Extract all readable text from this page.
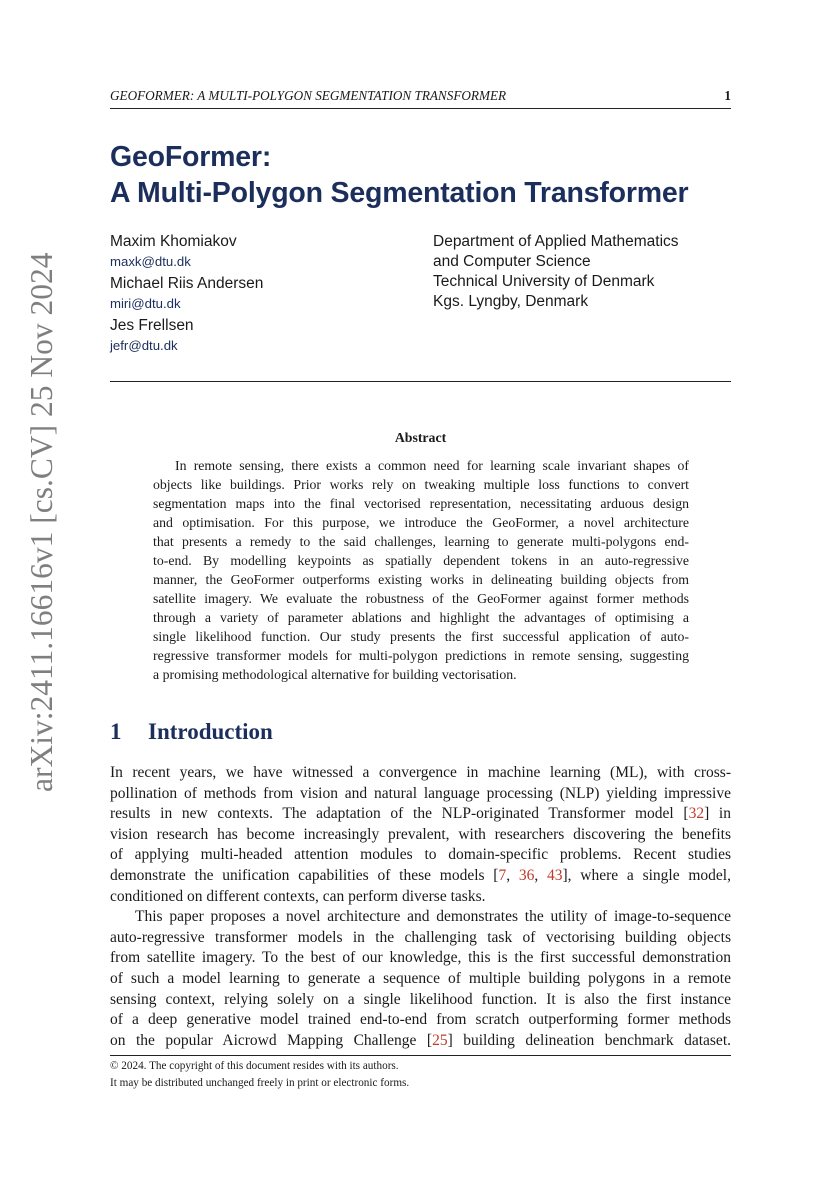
arXiv:2411.16616v1 [cs.CV] 25 Nov 2024
GEOFORMER: A MULTI-POLYGON SEGMENTATION TRANSFORMER	1
GeoFormer:
A Multi-Polygon Segmentation Transformer
Maxim Khomiakov
maxk@dtu.dk
Michael Riis Andersen
miri@dtu.dk
Jes Frellsen
jefr@dtu.dk
Department of Applied Mathematics
and Computer Science
Technical University of Denmark
Kgs. Lyngby, Denmark
Abstract
In remote sensing, there exists a common need for learning scale invariant shapes of
objects like buildings. Prior works rely on tweaking multiple loss functions to convert
segmentation maps into the final vectorised representation, necessitating arduous design
and optimisation. For this purpose, we introduce the GeoFormer, a novel architecture
that presents a remedy to the said challenges, learning to generate multi-polygons end-
to-end. By modelling keypoints as spatially dependent tokens in an auto-regressive
manner, the GeoFormer outperforms existing works in delineating building objects from
satellite imagery. We evaluate the robustness of the GeoFormer against former methods
through a variety of parameter ablations and highlight the advantages of optimising a
single likelihood function. Our study presents the first successful application of auto-
regressive transformer models for multi-polygon predictions in remote sensing, suggesting
a promising methodological alternative for building vectorisation.
1 Introduction
In recent years, we have witnessed a convergence in machine learning (ML), with cross-
pollination of methods from vision and natural language processing (NLP) yielding impressive
results in new contexts. The adaptation of the NLP-originated Transformer model [32] in
vision research has become increasingly prevalent, with researchers discovering the benefits
of applying multi-headed attention modules to domain-specific problems. Recent studies
demonstrate the unification capabilities of these models [7, 36, 43], where a single model,
conditioned on different contexts, can perform diverse tasks.
This paper proposes a novel architecture and demonstrates the utility of image-to-sequence
auto-regressive transformer models in the challenging task of vectorising building objects
from satellite imagery. To the best of our knowledge, this is the first successful demonstration
of such a model learning to generate a sequence of multiple building polygons in a remote
sensing context, relying solely on a single likelihood function. It is also the first instance
of a deep generative model trained end-to-end from scratch outperforming former methods
on the popular Aicrowd Mapping Challenge [25] building delineation benchmark dataset.
© 2024. The copyright of this document resides with its authors.
It may be distributed unchanged freely in print or electronic forms.
